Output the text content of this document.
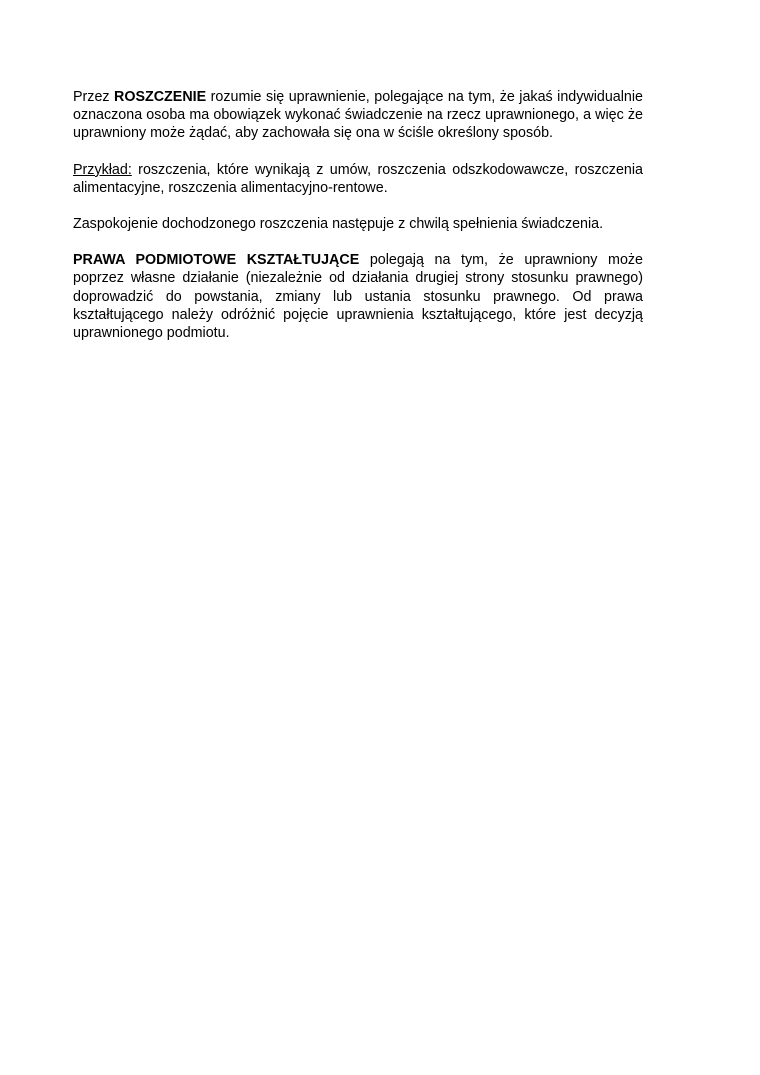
Przez ROSZCZENIE rozumie się uprawnienie, polegające na tym, że jakaś indywidualnie oznaczona osoba ma obowiązek wykonać świadczenie na rzecz uprawnionego, a więc że uprawniony może żądać, aby zachowała się ona w ściśle określony sposób.

Przykład: roszczenia, które wynikają z umów, roszczenia odszkodowawcze, roszczenia alimentacyjne, roszczenia alimentacyjno-rentowe.

Zaspokojenie dochodzonego roszczenia następuje z chwilą spełnienia świadczenia.

PRAWA PODMIOTOWE KSZTAŁTUJĄCE polegają na tym, że uprawniony może poprzez własne działanie (niezależnie od działania drugiej strony stosunku prawnego) doprowadzić do powstania, zmiany lub ustania stosunku prawnego. Od prawa kształtującego należy odróżnić pojęcie uprawnienia kształtującego, które jest decyzją uprawnionego podmiotu.
